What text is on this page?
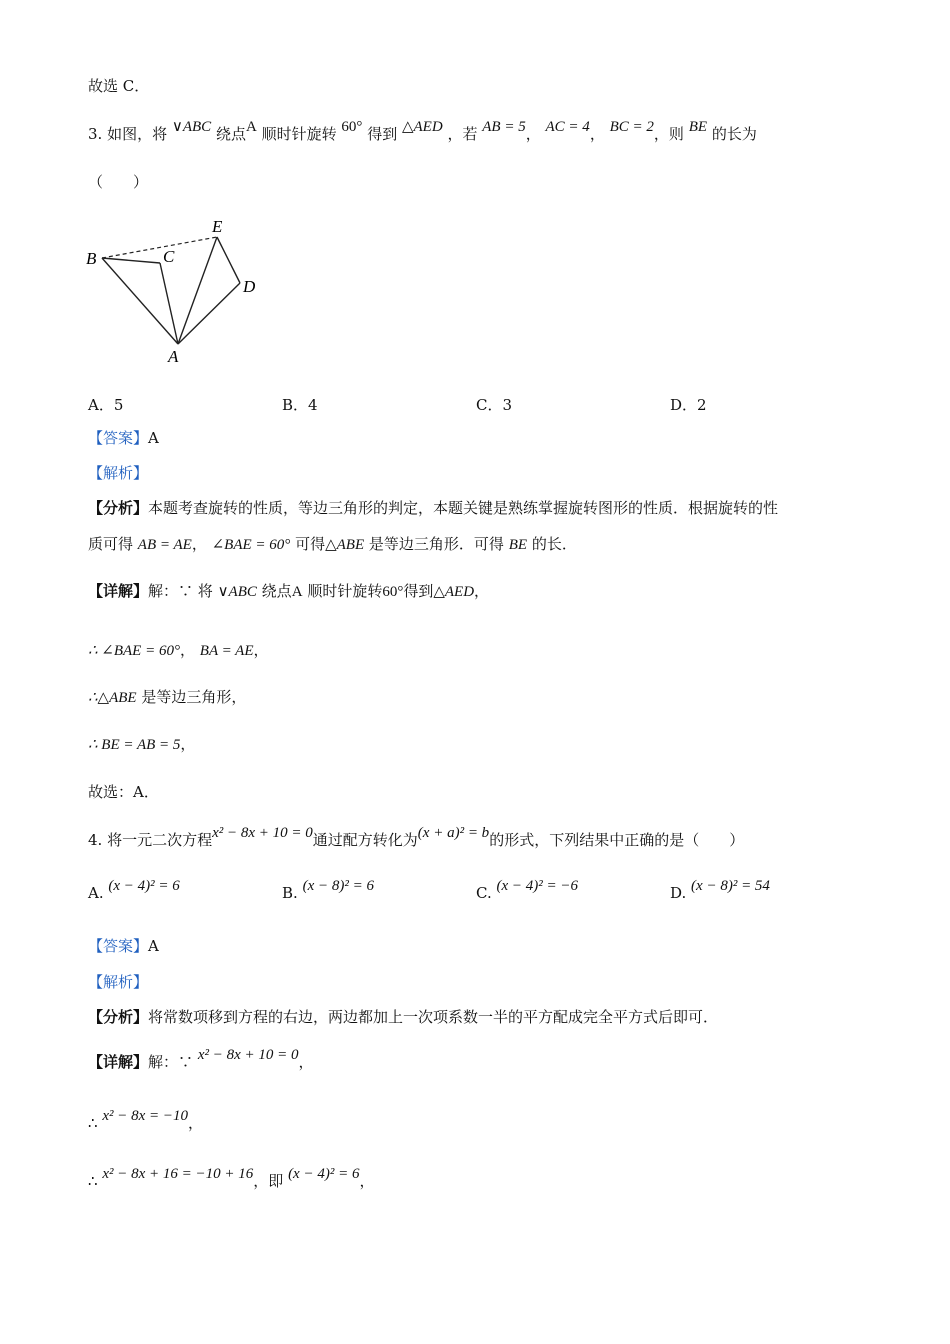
故选 C．
3. 如图，将 ∨ABC 绕点A 顺时针旋转 60° 得到 △AED ，若 AB = 5， AC = 4， BC = 2，则 BE 的长为
（　　）
B	C
E
D
A
A．5	B．4	C．3	D．2
【答案】A
【解析】
【分析】本题考查旋转的性质，等边三角形的判定，本题关键是熟练掌握旋转图形的性质．根据旋转的性
质可得 AB = AE， ∠BAE = 60° 可得△ABE 是等边三角形．可得 BE 的长．
【详解】解：∵ 将 ∨ABC 绕点A 顺时针旋转60°得到△AED，
∴ ∠BAE = 60°， BA = AE，
∴△ABE 是等边三角形，
∴ BE = AB = 5，
故选：A．
4. 将一元二次方程x² − 8x + 10 = 0通过配方转化为(x + a)² = b的形式，下列结果中正确的是（　　）
A. (x − 4)² = 6	B. (x − 8)² = 6	C. (x − 4)² = −6	D. (x − 8)² = 54
【答案】A
【解析】
【分析】将常数项移到方程的右边，两边都加上一次项系数一半的平方配成完全平方式后即可．
【详解】解：∵ x² − 8x + 10 = 0，
∴ x² − 8x = −10，
∴ x² − 8x + 16 = −10 + 16，即 (x − 4)² = 6，
